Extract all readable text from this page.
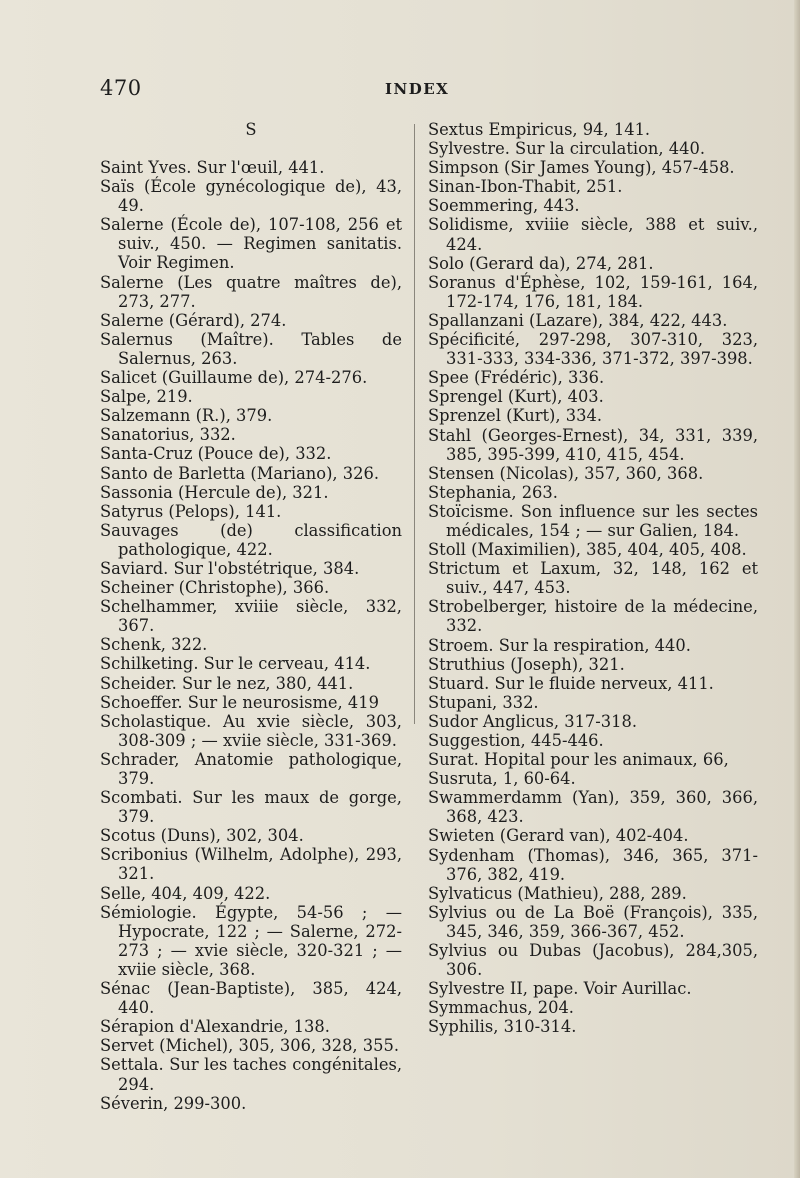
470	INDEX
S
Saint Yves. Sur l'œuil, 441.
Saïs (École gynécologique de), 43, 49.
Salerne (École de), 107-108, 256 et suiv., 450. — Regimen sanitatis. Voir Regimen.
Salerne (Les quatre maîtres de), 273, 277.
Salerne (Gérard), 274.
Salernus (Maître). Tables de Salernus, 263.
Salicet (Guillaume de), 274-276.
Salpe, 219.
Salzemann (R.), 379.
Sanatorius, 332.
Santa-Cruz (Pouce de), 332.
Santo de Barletta (Mariano), 326.
Sassonia (Hercule de), 321.
Satyrus (Pelops), 141.
Sauvages (de) classification pathologique, 422.
Saviard. Sur l'obstétrique, 384.
Scheiner (Christophe), 366.
Schelhammer, xviiie siècle, 332, 367.
Schenk, 322.
Schilketing. Sur le cerveau, 414.
Scheider. Sur le nez, 380, 441.
Schoeffer. Sur le neurosisme, 419
Scholastique. Au xvie siècle, 303, 308-309 ; — xviie siècle, 331-369.
Schrader, Anatomie pathologique, 379.
Scombati. Sur les maux de gorge, 379.
Scotus (Duns), 302, 304.
Scribonius (Wilhelm, Adolphe), 293, 321.
Selle, 404, 409, 422.
Sémiologie. Égypte, 54-56 ; — Hypocrate, 122 ; — Salerne, 272-273 ; — xvie siècle, 320-321 ; — xviie siècle, 368.
Sénac (Jean-Baptiste), 385, 424, 440.
Sérapion d'Alexandrie, 138.
Servet (Michel), 305, 306, 328, 355.
Settala. Sur les taches congénitales, 294.
Séverin, 299-300.
Sextus Empiricus, 94, 141.
Sylvestre. Sur la circulation, 440.
Simpson (Sir James Young), 457-458.
Sinan-Ibon-Thabit, 251.
Soemmering, 443.
Solidisme, xviiie siècle, 388 et suiv., 424.
Solo (Gerard da), 274, 281.
Soranus d'Éphèse, 102, 159-161, 164, 172-174, 176, 181, 184.
Spallanzani (Lazare), 384, 422, 443.
Spécificité, 297-298, 307-310, 323, 331-333, 334-336, 371-372, 397-398.
Spee (Frédéric), 336.
Sprengel (Kurt), 403.
Sprenzel (Kurt), 334.
Stahl (Georges-Ernest), 34, 331, 339, 385, 395-399, 410, 415, 454.
Stensen (Nicolas), 357, 360, 368.
Stephania, 263.
Stoïcisme. Son influence sur les sectes médicales, 154 ; — sur Galien, 184.
Stoll (Maximilien), 385, 404, 405, 408.
Strictum et Laxum, 32, 148, 162 et suiv., 447, 453.
Strobelberger, histoire de la médecine, 332.
Stroem. Sur la respiration, 440.
Struthius (Joseph), 321.
Stuard. Sur le fluide nerveux, 411.
Stupani, 332.
Sudor Anglicus, 317-318.
Suggestion, 445-446.
Surat. Hopital pour les animaux, 66,
Susruta, 1, 60-64.
Swammerdamm (Yan), 359, 360, 366, 368, 423.
Swieten (Gerard van), 402-404.
Sydenham (Thomas), 346, 365, 371-376, 382, 419.
Sylvaticus (Mathieu), 288, 289.
Sylvius ou de La Boë (François), 335, 345, 346, 359, 366-367, 452.
Sylvius ou Dubas (Jacobus), 284,305, 306.
Sylvestre II, pape. Voir Aurillac.
Symmachus, 204.
Syphilis, 310-314.
